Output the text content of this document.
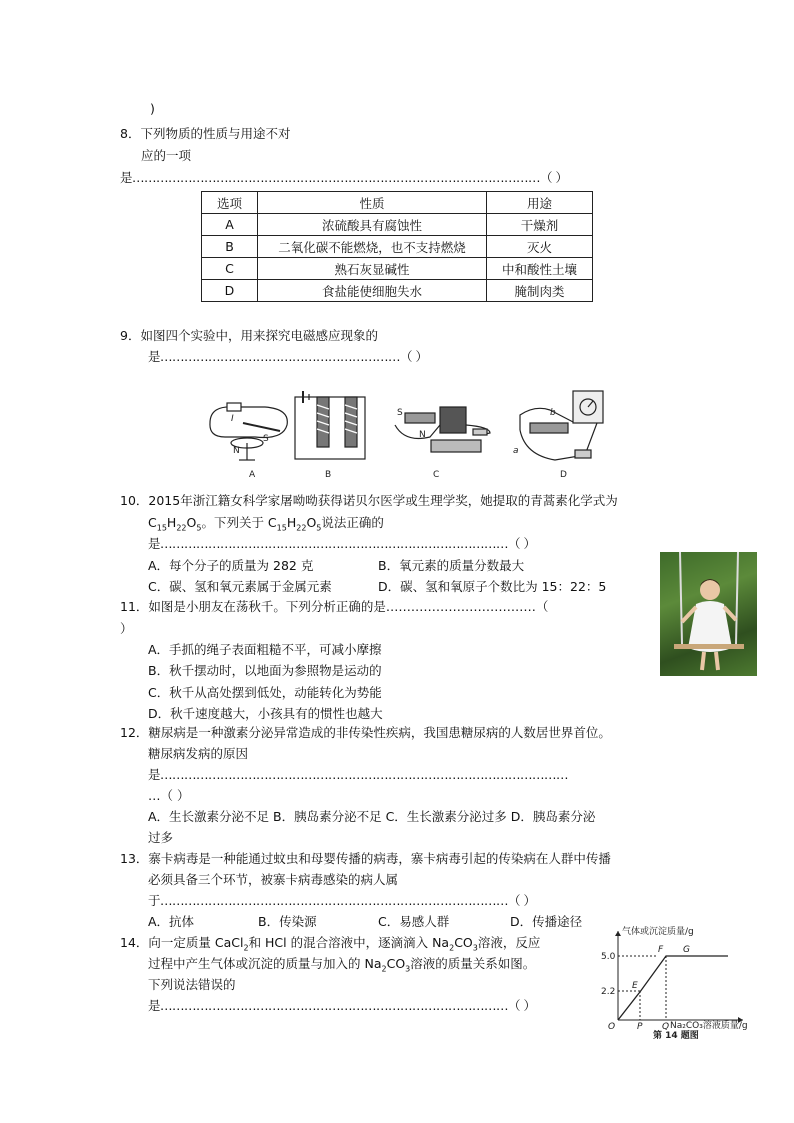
)
8．下列物质的性质与用途不对
应的一项
是…………………………………………………………………………………………（ ）
选项	性质	用途
A	浓硫酸具有腐蚀性	干燥剂
B	二氧化碳不能燃烧，也不支持燃烧	灭火
C	熟石灰显碱性	中和酸性土壤
D	食盐能使细胞失水	腌制肉类
9．如图四个实验中，用来探究电磁感应现象的
是……………………………………………………（ ）
N
S
I
S
N
b
a
A	B	C	D
10．2015年浙江籍女科学家屠呦呦获得诺贝尔医学或生理学奖，她提取的青蒿素化学式为
$C_{15}H_{22}O_5$。下列关于 $C_{15}H_{22}O_5$说法正确的
是……………………………………………………………………………（ ）
A．每个分子的质量为 282 克	B．氧元素的质量分数最大
C．碳、氢和氧元素属于金属元素	D．碳、氢和氧原子个数比为 15：22：5
11．如图是小朋友在荡秋千。下列分析正确的是………………………………（
）
A．手抓的绳子表面粗糙不平，可减小摩擦
B．秋千摆动时，以地面为参照物是运动的
C．秋千从高处摆到低处，动能转化为势能
D．秋千速度越大，小孩具有的惯性也越大
12．糖尿病是一种激素分泌异常造成的非传染性疾病，我国患糖尿病的人数居世界首位。
糖尿病发病的原因
是…………………………………………………………………………………………
…（ ）
A．生长激素分泌不足 B．胰岛素分泌不足 C．生长激素分泌过多 D．胰岛素分泌
过多
13．寨卡病毒是一种能通过蚊虫和母婴传播的病毒，寨卡病毒引起的传染病在人群中传播
必须具备三个环节，被寨卡病毒感染的病人属
于……………………………………………………………………………（ ）
A．抗体	B．传染源	C．易感人群	D．传播途径
14．向一定质量 CaCl$_2$和 HCl 的混合溶液中，逐滴滴入 $Na_2CO_3$溶液，反应
过程中产生气体或沉淀的质量与加入的 $Na_2CO_3$溶液的质量关系如图。
下列说法错误的
是……………………………………………………………………………（ ）
气体或沉淀质量/g
Na₂CO₃溶液质量/g
5.0
2.2
O P Q
E
F G
第 14 题图
